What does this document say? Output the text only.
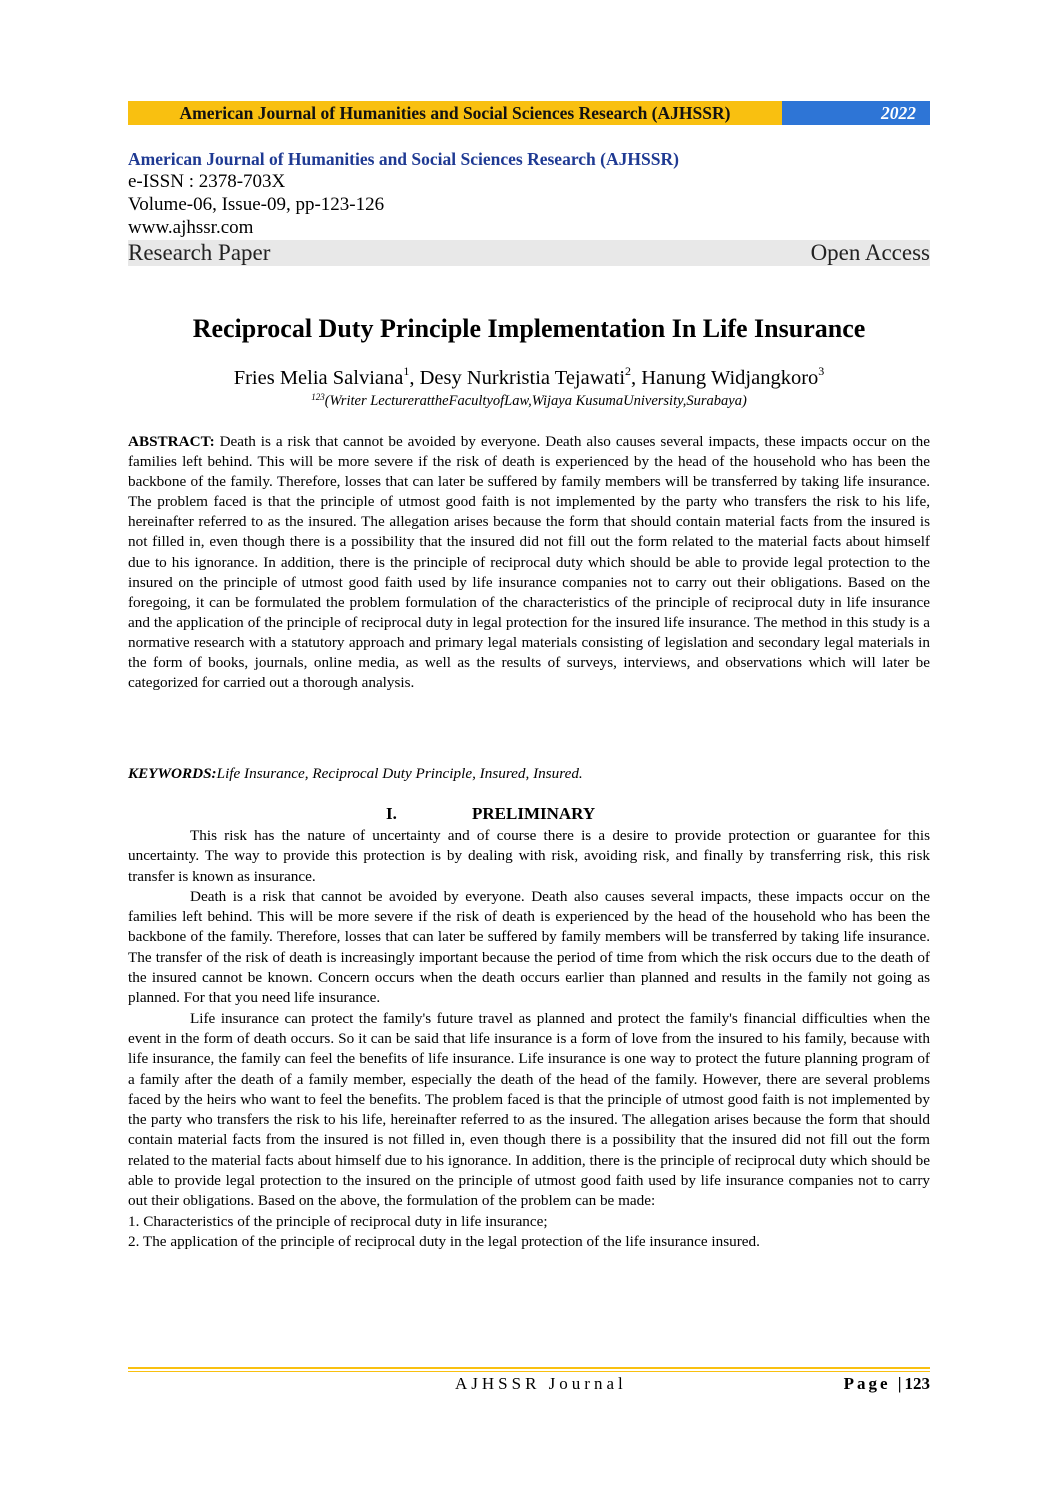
American Journal of Humanities and Social Sciences Research (AJHSSR)	2022
American Journal of Humanities and Social Sciences Research (AJHSSR)
e-ISSN : 2378-703X
Volume-06, Issue-09, pp-123-126
www.ajhssr.com
Research Paper	Open Access
Reciprocal Duty Principle Implementation In Life Insurance
Fries Melia Salviana$^1$, Desy Nurkristia Tejawati$^2$, Hanung Widjangkoro$^3$
$^{123}$(Writer LecturerattheFacultyofLaw,Wijaya KusumaUniversity,Surabaya)
ABSTRACT: Death is a risk that cannot be avoided by everyone. Death also causes several impacts, these impacts occur on the families left behind. This will be more severe if the risk of death is experienced by the head of the household who has been the backbone of the family. Therefore, losses that can later be suffered by family members will be transferred by taking life insurance. The problem faced is that the principle of utmost good faith is not implemented by the party who transfers the risk to his life, hereinafter referred to as the insured. The allegation arises because the form that should contain material facts from the insured is not filled in, even though there is a possibility that the insured did not fill out the form related to the material facts about himself due to his ignorance. In addition, there is the principle of reciprocal duty which should be able to provide legal protection to the insured on the principle of utmost good faith used by life insurance companies not to carry out their obligations. Based on the foregoing, it can be formulated the problem formulation of the characteristics of the principle of reciprocal duty in life insurance and the application of the principle of reciprocal duty in legal protection for the insured life insurance. The method in this study is a normative research with a statutory approach and primary legal materials consisting of legislation and secondary legal materials in the form of books, journals, online media, as well as the results of surveys, interviews, and observations which will later be categorized for carried out a thorough analysis.
KEYWORDS:Life Insurance, Reciprocal Duty Principle, Insured, Insured.
I.	PRELIMINARY

This risk has the nature of uncertainty and of course there is a desire to provide protection or guarantee for this uncertainty. The way to provide this protection is by dealing with risk, avoiding risk, and finally by transferring risk, this risk transfer is known as insurance.

Death is a risk that cannot be avoided by everyone. Death also causes several impacts, these impacts occur on the families left behind. This will be more severe if the risk of death is experienced by the head of the household who has been the backbone of the family. Therefore, losses that can later be suffered by family members will be transferred by taking life insurance. The transfer of the risk of death is increasingly important because the period of time from which the risk occurs due to the death of the insured cannot be known. Concern occurs when the death occurs earlier than planned and results in the family not going as planned. For that you need life insurance.

Life insurance can protect the family's future travel as planned and protect the family's financial difficulties when the event in the form of death occurs. So it can be said that life insurance is a form of love from the insured to his family, because with life insurance, the family can feel the benefits of life insurance. Life insurance is one way to protect the future planning program of a family after the death of a family member, especially the death of the head of the family. However, there are several problems faced by the heirs who want to feel the benefits. The problem faced is that the principle of utmost good faith is not implemented by the party who transfers the risk to his life, hereinafter referred to as the insured. The allegation arises because the form that should contain material facts from the insured is not filled in, even though there is a possibility that the insured did not fill out the form related to the material facts about himself due to his ignorance. In addition, there is the principle of reciprocal duty which should be able to provide legal protection to the insured on the principle of utmost good faith used by life insurance companies not to carry out their obligations. Based on the above, the formulation of the problem can be made:

1. Characteristics of the principle of reciprocal duty in life insurance;

2. The application of the principle of reciprocal duty in the legal protection of the life insurance insured.

AJHSSR Journal	Page |123
